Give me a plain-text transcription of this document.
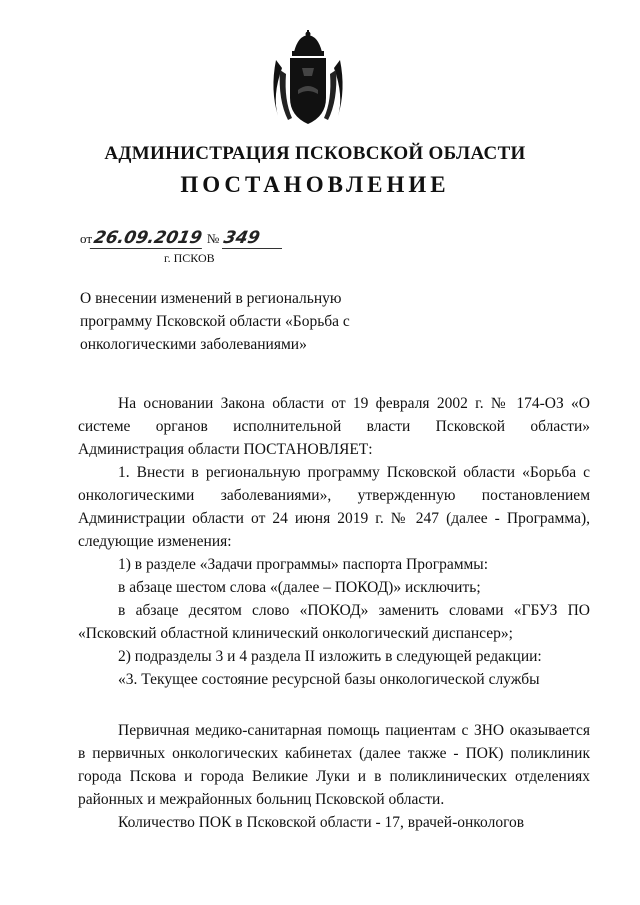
АДМИНИСТРАЦИЯ ПСКОВСКОЙ ОБЛАСТИ
ПОСТАНОВЛЕНИЕ
от26.09.2019 № 349
г. ПСКОВ
О внесении изменений в региональную программу Псковской области «Борьба с онкологическими заболеваниями»

На основании Закона области от 19 февраля 2002 г. № 174-ОЗ «О системе органов исполнительной власти Псковской области» Администрация области ПОСТАНОВЛЯЕТ:

1. Внести в региональную программу Псковской области «Борьба с онкологическими заболеваниями», утвержденную постановлением Администрации области от 24 июня 2019 г. № 247 (далее - Программа), следующие изменения:

1) в разделе «Задачи программы» паспорта Программы:

в абзаце шестом слова «(далее – ПОКОД)» исключить;

в абзаце десятом слово «ПОКОД» заменить словами «ГБУЗ ПО «Псковский областной клинический онкологический диспансер»;

2) подразделы 3 и 4 раздела II изложить в следующей редакции:

«3. Текущее состояние ресурсной базы онкологической службы

Первичная медико-санитарная помощь пациентам с ЗНО оказывается в первичных онкологических кабинетах (далее также - ПОК) поликлиник города Пскова и города Великие Луки и в поликлинических отделениях районных и межрайонных больниц Псковской области.

Количество ПОК в Псковской области - 17, врачей-онкологов
